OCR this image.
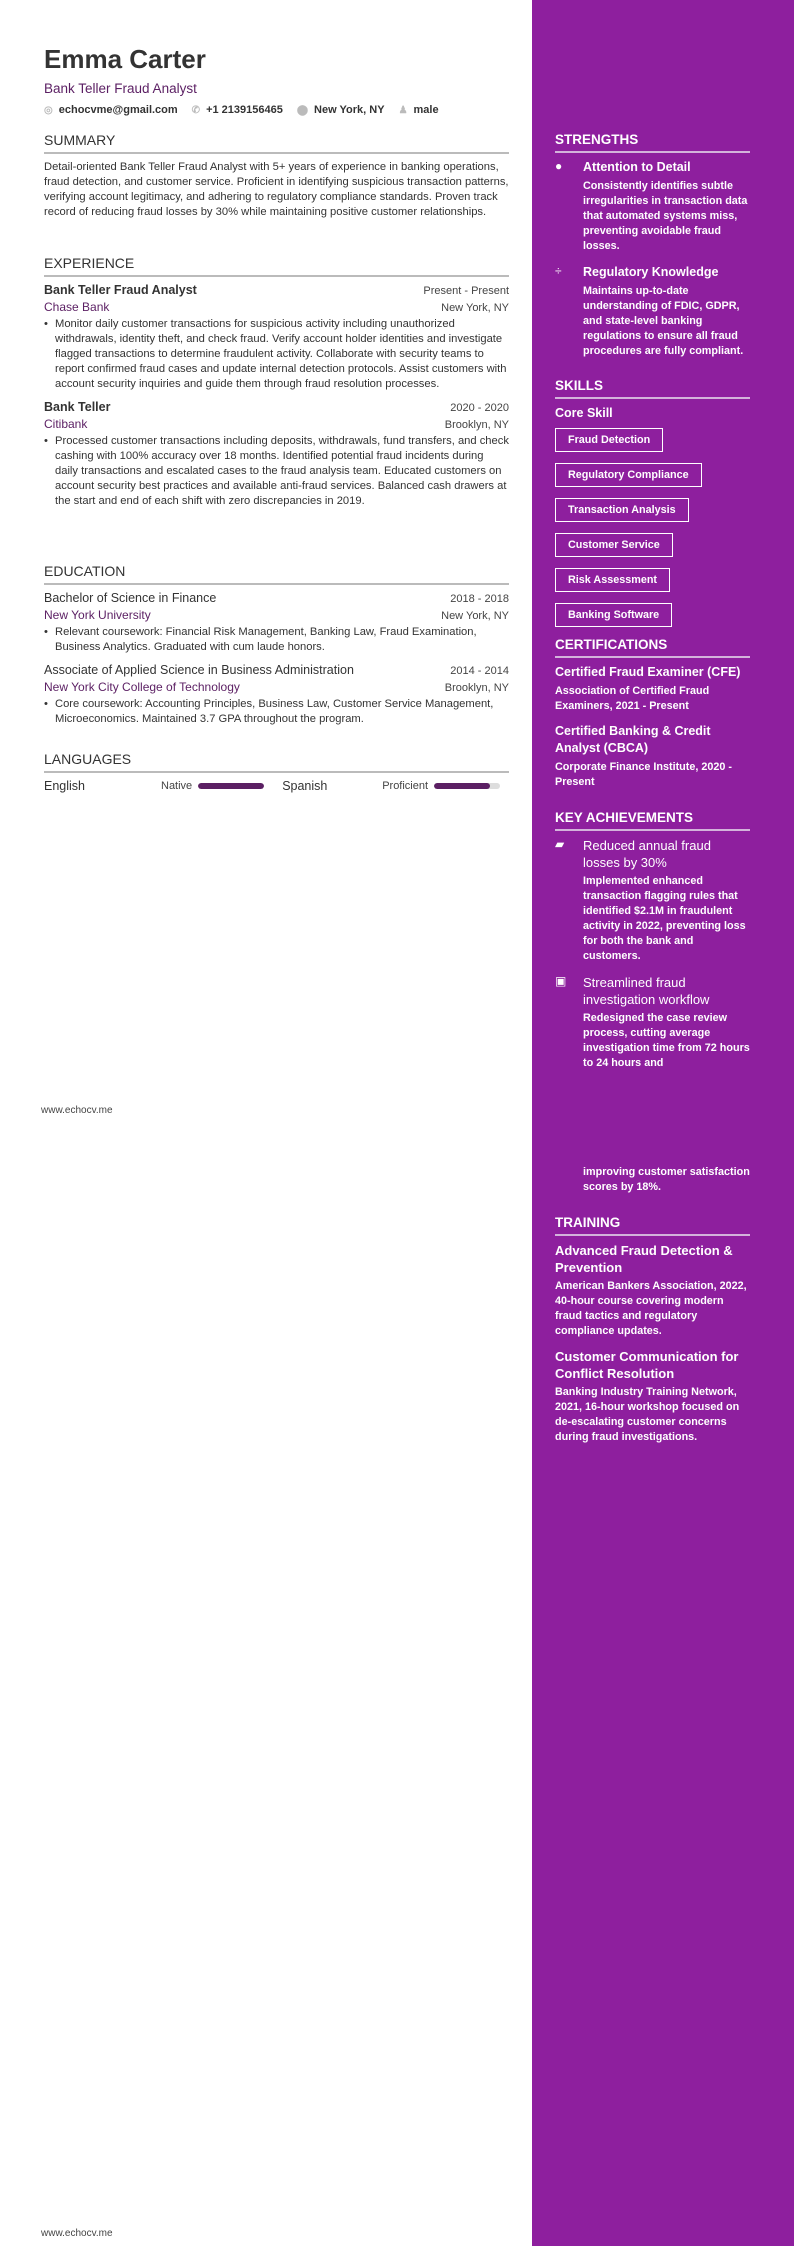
Emma Carter
Bank Teller Fraud Analyst
◎ echocvme@gmail.com ✆ +1 2139156465 ⬤ New York, NY ♟ male
SUMMARY
Detail-oriented Bank Teller Fraud Analyst with 5+ years of experience in banking operations, fraud detection, and customer service. Proficient in identifying suspicious transaction patterns, verifying account legitimacy, and adhering to regulatory compliance standards. Proven track record of reducing fraud losses by 30% while maintaining positive customer relationships.
EXPERIENCE
Bank Teller Fraud Analyst	Present - Present
Chase Bank	New York, NY
• Monitor daily customer transactions for suspicious activity including unauthorized withdrawals, identity theft, and check fraud. Verify account holder identities and investigate flagged transactions to determine fraudulent activity. Collaborate with security teams to report confirmed fraud cases and update internal detection protocols. Assist customers with account security inquiries and guide them through fraud resolution processes.
Bank Teller	2020 - 2020
Citibank	Brooklyn, NY
• Processed customer transactions including deposits, withdrawals, fund transfers, and check cashing with 100% accuracy over 18 months. Identified potential fraud incidents during daily transactions and escalated cases to the fraud analysis team. Educated customers on account security best practices and available anti-fraud services. Balanced cash drawers at the start and end of each shift with zero discrepancies in 2019.
EDUCATION
Bachelor of Science in Finance	2018 - 2018
New York University	New York, NY
• Relevant coursework: Financial Risk Management, Banking Law, Fraud Examination, Business Analytics. Graduated with cum laude honors.
Associate of Applied Science in Business Administration	2014 - 2014
New York City College of Technology	Brooklyn, NY
• Core coursework: Accounting Principles, Business Law, Customer Service Management, Microeconomics. Maintained 3.7 GPA throughout the program.
LANGUAGES
English	Native	Spanish	Proficient
www.echocv.me
www.echocv.me
STRENGTHS
●	Attention to Detail
Consistently identifies subtle irregularities in transaction data that automated systems miss, preventing avoidable fraud losses.
÷	Regulatory Knowledge
Maintains up-to-date understanding of FDIC, GDPR, and state-level banking regulations to ensure all fraud procedures are fully compliant.
SKILLS
Core Skill
Fraud Detection
Regulatory Compliance
Transaction Analysis
Customer Service
Risk Assessment
Banking Software
CERTIFICATIONS
Certified Fraud Examiner (CFE)
Association of Certified Fraud Examiners, 2021 - Present
Certified Banking & Credit Analyst (CBCA)
Corporate Finance Institute, 2020 - Present
KEY ACHIEVEMENTS
▰	Reduced annual fraud losses by 30%
Implemented enhanced transaction flagging rules that identified $2.1M in fraudulent activity in 2022, preventing loss for both the bank and customers.
▣	Streamlined fraud investigation workflow
Redesigned the case review process, cutting average investigation time from 72 hours to 24 hours and
improving customer satisfaction scores by 18%.
TRAINING
Advanced Fraud Detection & Prevention
American Bankers Association, 2022, 40-hour course covering modern fraud tactics and regulatory compliance updates.
Customer Communication for Conflict Resolution
Banking Industry Training Network, 2021, 16-hour workshop focused on de-escalating customer concerns during fraud investigations.
